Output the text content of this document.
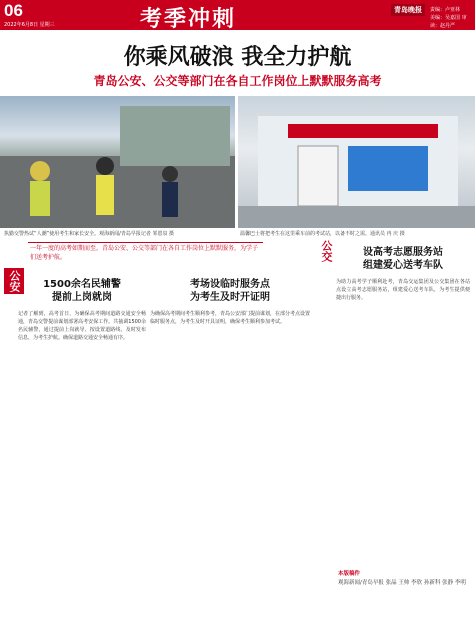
06
2022年6月8日 星期三	考季冲刺	青岛晚报	责编：卢亚林
美编：吴嘉国 审读：赵丹严
你乘风破浪 我全力护航
青岛公安、公交等部门在各自工作岗位上默默服务高考
执勤交警热试“人潮”使用考生和家长安全。观海新闻/青岛早报记者 邹恩泉 摄	温馨巴士将把考生在这里乘车前的考试站，以备不时之需。通讯员 冉 庆 摄
一年一度的高考如期而至，青岛公安、公交等部门在各自工作岗位上默默服务，为学子们送考护航。
公安	1500余名民辅警
提前上岗就岗
记者了解到，高考首日，为确保高考期间道路交通安全畅通，青岛交警提前谋划部署高考安保工作。共抽调1500余名民辅警，通过提前上岗就导、按设置道路线、及时发布信息，为考生护航。确保道路交通安全畅通有序。
考场设临时服务点
为考生及时开证明
为确保高考期间考生顺利参考，青岛公安部门提前谋划，在部分考点设置临时服务点，为考生及时开具证明，确保考生顺利参加考试。
公交	设高考志愿服务站
组建爱心送考车队
为助力高考学子顺利赴考，青岛交运集团及公交集团在各站点设立高考志愿服务站，组建爱心送考车队，为考生提供便捷出行服务。
本版稿件
观海新闻/青岛早报 张晶 王帅 李欣 孙新科 张静 李明
